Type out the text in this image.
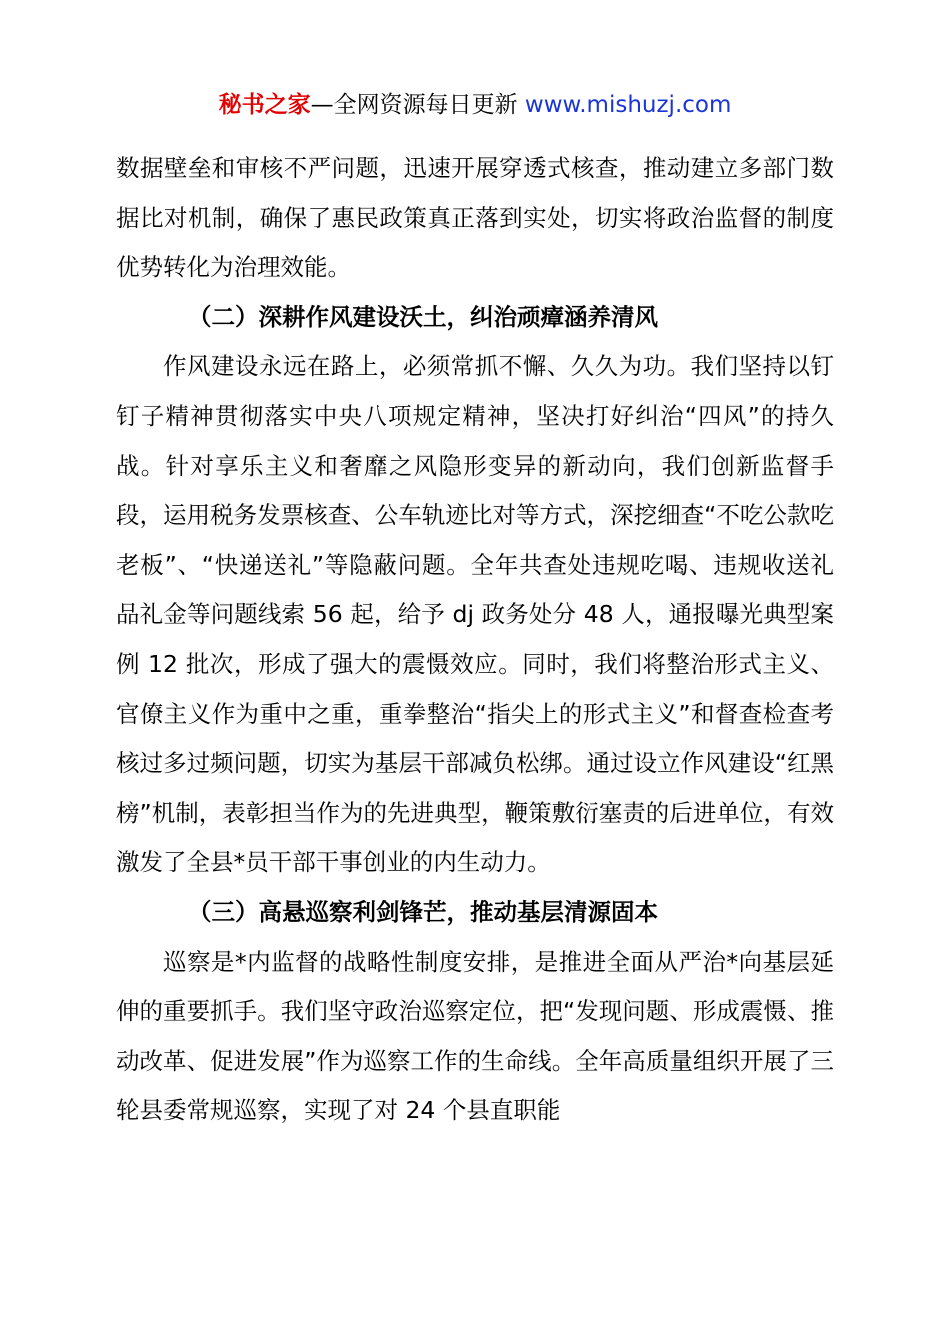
秘书之家—全网资源每日更新 www.mishuzj.com

数据壁垒和审核不严问题，迅速开展穿透式核查，推动建立多部门数据比对机制，确保了惠民政策真正落到实处，切实将政治监督的制度优势转化为治理效能。

（二）深耕作风建设沃土，纠治顽瘴涵养清风

作风建设永远在路上，必须常抓不懈、久久为功。我们坚持以钉钉子精神贯彻落实中央八项规定精神，坚决打好纠治“四风”的持久战。针对享乐主义和奢靡之风隐形变异的新动向，我们创新监督手段，运用税务发票核查、公车轨迹比对等方式，深挖细查“不吃公款吃老板”、“快递送礼”等隐蔽问题。全年共查处违规吃喝、违规收送礼品礼金等问题线索 56 起，给予 dj 政务处分 48 人，通报曝光典型案例 12 批次，形成了强大的震慑效应。同时，我们将整治形式主义、官僚主义作为重中之重，重拳整治“指尖上的形式主义”和督查检查考核过多过频问题，切实为基层干部减负松绑。通过设立作风建设“红黑榜”机制，表彰担当作为的先进典型，鞭策敷衍塞责的后进单位，有效激发了全县*员干部干事创业的内生动力。

（三）高悬巡察利剑锋芒，推动基层清源固本

巡察是*内监督的战略性制度安排，是推进全面从严治*向基层延伸的重要抓手。我们坚守政治巡察定位，把“发现问题、形成震慑、推动改革、促进发展”作为巡察工作的生命线。全年高质量组织开展了三轮县委常规巡察，实现了对 24 个县直职能
